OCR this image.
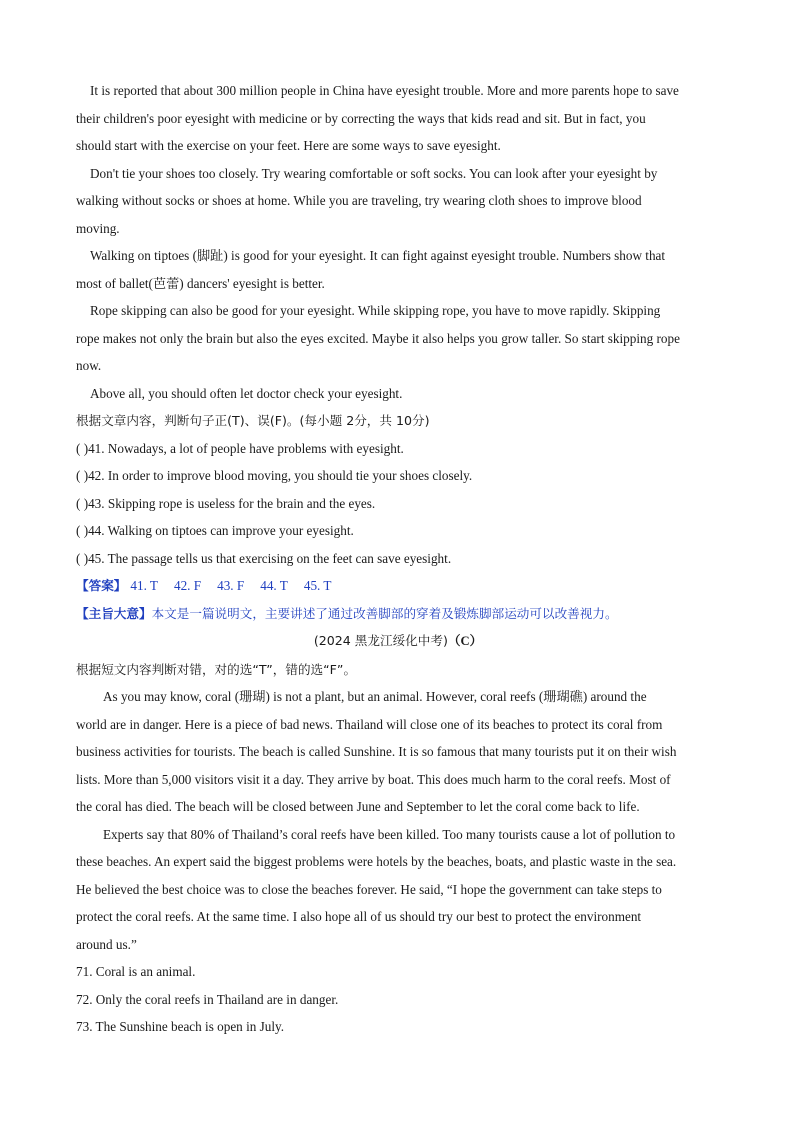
It is reported that about 300 million people in China have eyesight trouble. More and more parents hope to save

their children's poor eyesight with medicine or by correcting the ways that kids read and sit. But in fact, you

should start with the exercise on your feet. Here are some ways to save eyesight.

Don't tie your shoes too closely. Try wearing comfortable or soft socks. You can look after your eyesight by

walking without socks or shoes at home. While you are traveling, try wearing cloth shoes to improve blood

moving.

Walking on tiptoes (脚趾) is good for your eyesight. It can fight against eyesight trouble. Numbers show that

most of ballet(芭蕾) dancers' eyesight is better.

Rope skipping can also be good for your eyesight. While skipping rope, you have to move rapidly. Skipping

rope makes not only the brain but also the eyes excited. Maybe it also helps you grow taller. So start skipping rope

now.

Above all, you should often let doctor check your eyesight.

根据文章内容，判断句子正(T)、误(F)。(每小题 2分，共 10分)

( )41. Nowadays, a lot of people have problems with eyesight.

( )42. In order to improve blood moving, you should tie your shoes closely.

( )43. Skipping rope is useless for the brain and the eyes.

( )44. Walking on tiptoes can improve your eyesight.

( )45. The passage tells us that exercising on the feet can save eyesight.

【答案】 41. T 42. F 43. F 44. T 45. T

【主旨大意】本文是一篇说明文，主要讲述了通过改善脚部的穿着及锻炼脚部运动可以改善视力。

(2024 黑龙江绥化中考)（C）

根据短文内容判断对错，对的选“T”，错的选“F”。

As you may know, coral (珊瑚) is not a plant, but an animal. However, coral reefs (珊瑚礁) around the

world are in danger. Here is a piece of bad news. Thailand will close one of its beaches to protect its coral from

business activities for tourists. The beach is called Sunshine. It is so famous that many tourists put it on their wish

lists. More than 5,000 visitors visit it a day. They arrive by boat. This does much harm to the coral reefs. Most of

the coral has died. The beach will be closed between June and September to let the coral come back to life.

Experts say that 80% of Thailand’s coral reefs have been killed. Too many tourists cause a lot of pollution to

these beaches. An expert said the biggest problems were hotels by the beaches, boats, and plastic waste in the sea.

He believed the best choice was to close the beaches forever. He said, “I hope the government can take steps to

protect the coral reefs. At the same time. I also hope all of us should try our best to protect the environment

around us.”

71. Coral is an animal.

72. Only the coral reefs in Thailand are in danger.

73. The Sunshine beach is open in July.
